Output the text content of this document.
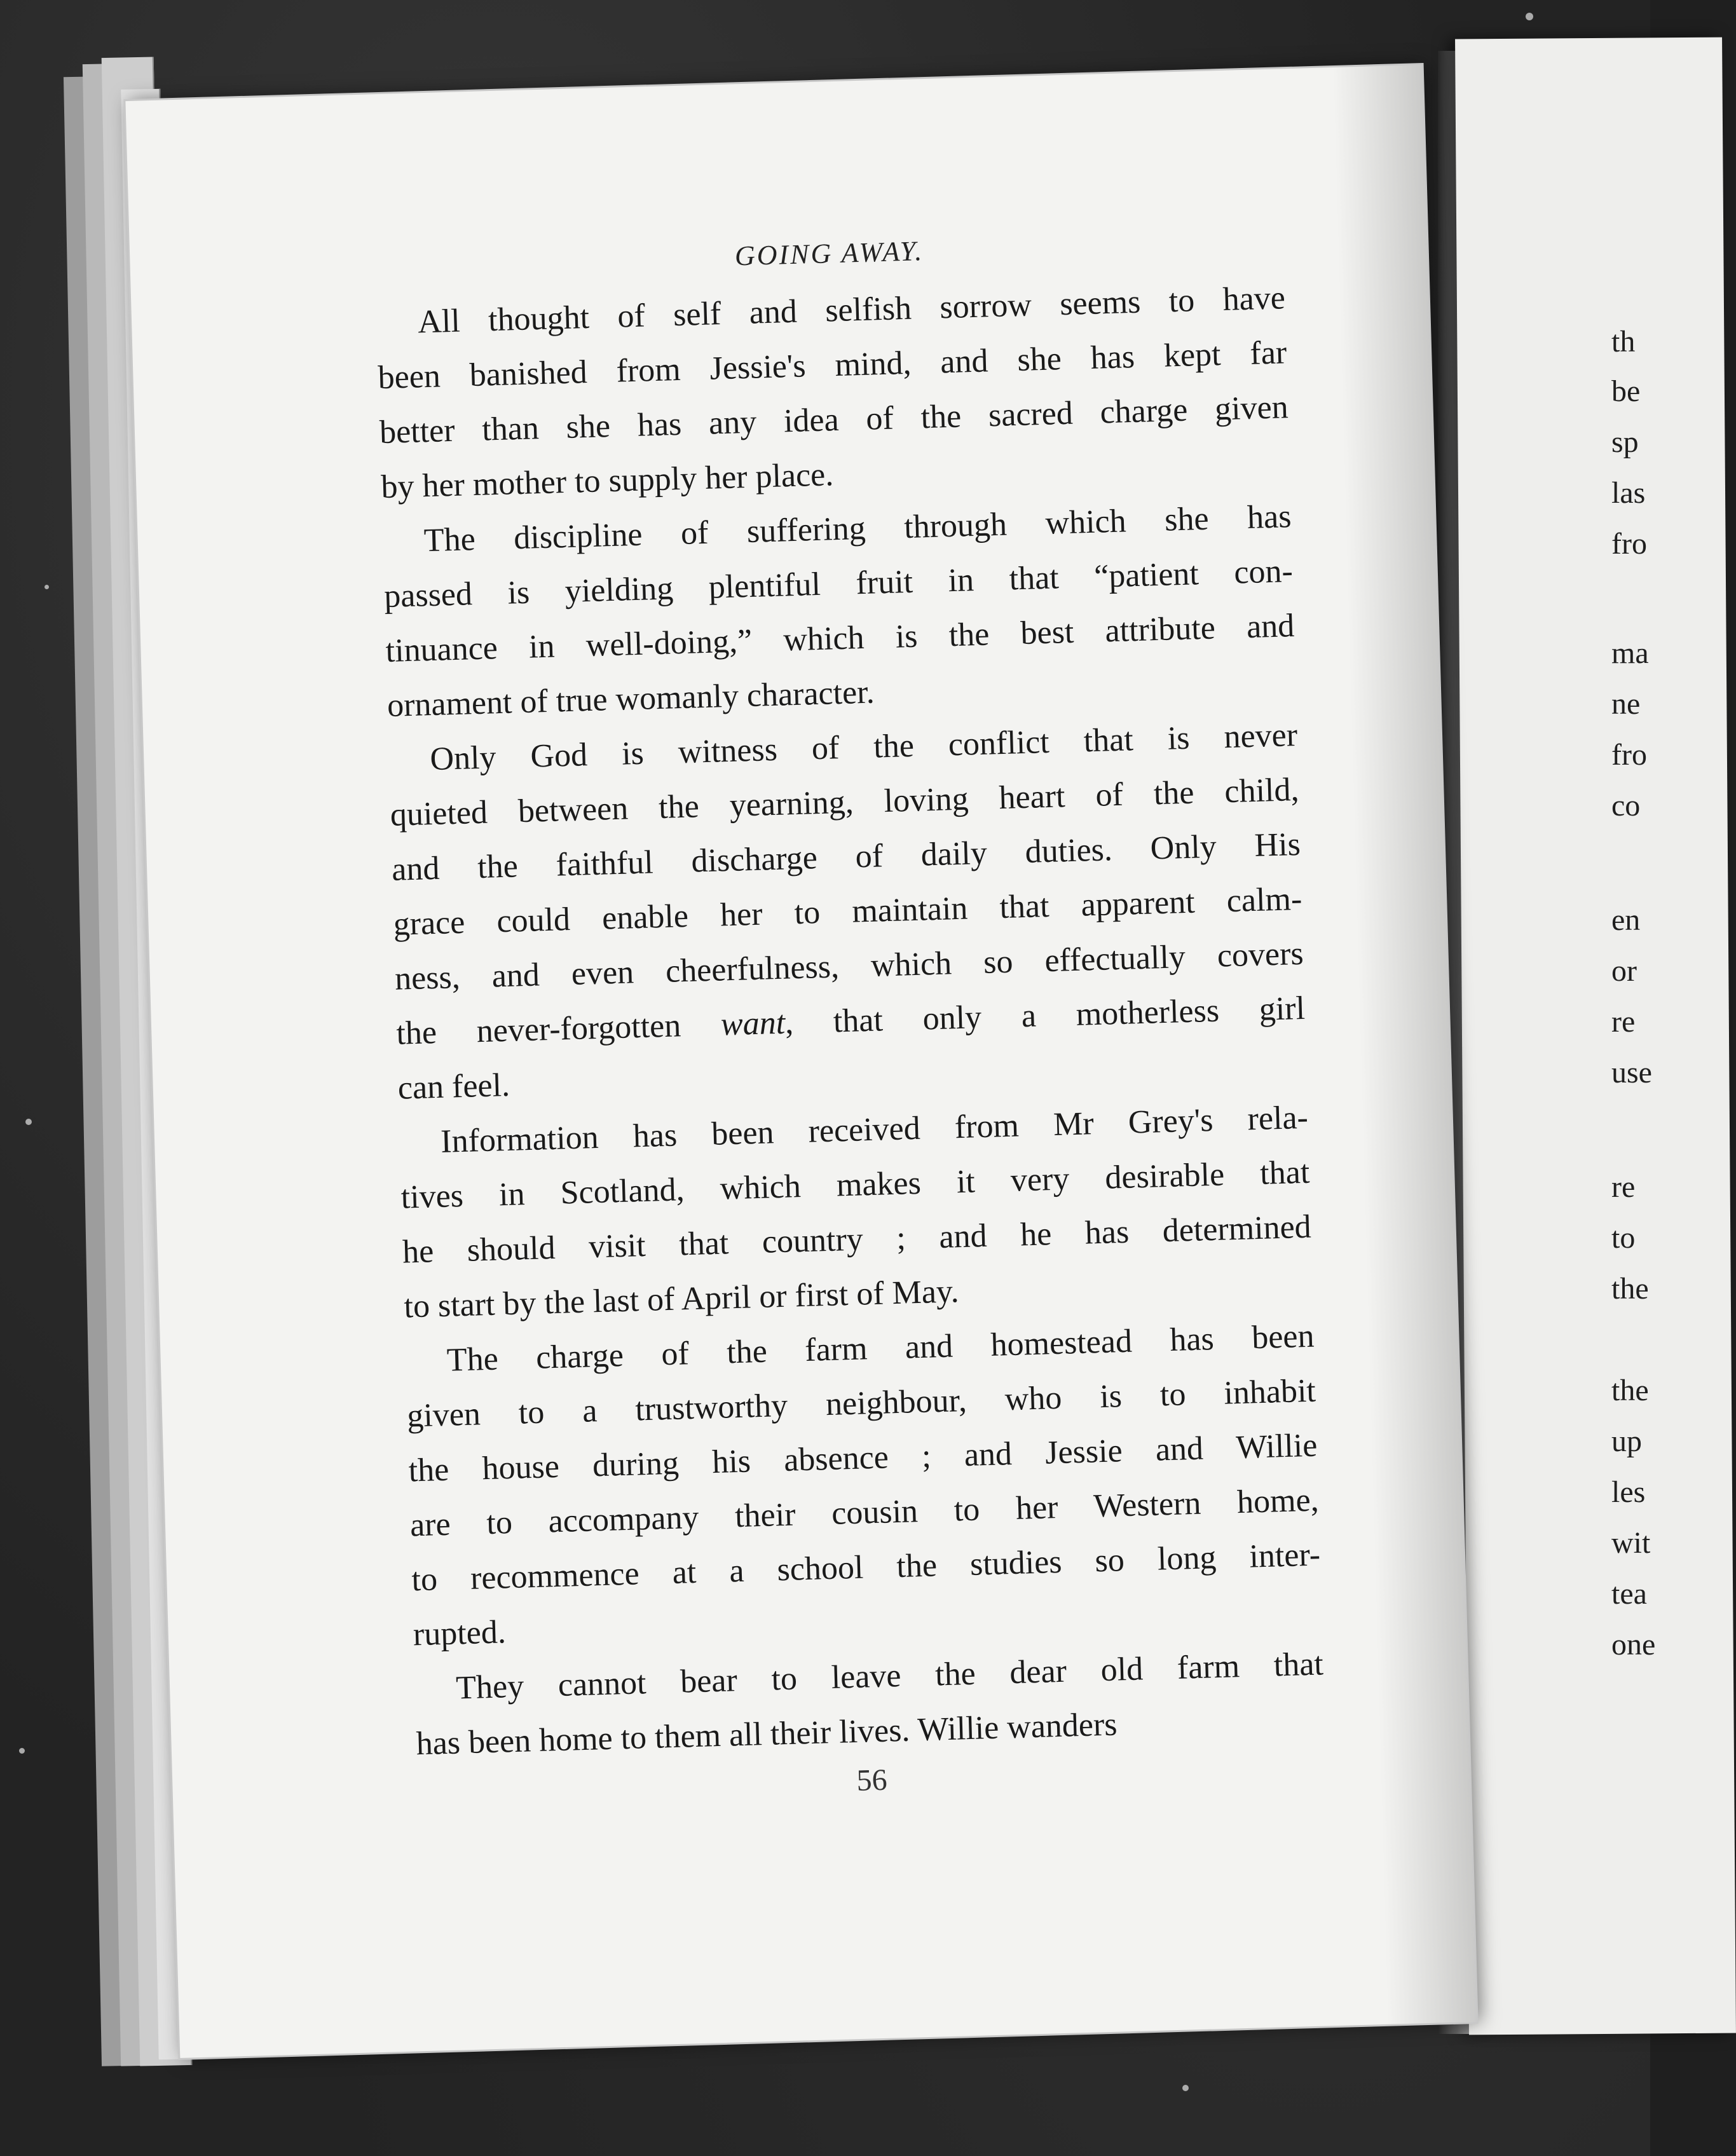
th
be
sp
las
fro
ma
ne
fro
co
en
or
re
use
re
to
the
the
up
les
wit
tea
one
GOING AWAY.
All thought of self and selfish sorrow seems to have
been banished from Jessie's mind, and she has kept far
better than she has any idea of the sacred charge given
by her mother to supply her place.
The discipline of suffering through which she has
passed is yielding plentiful fruit in that “patient con-
tinuance in well-doing,” which is the best attribute and
ornament of true womanly character.
Only God is witness of the conflict that is never
quieted between the yearning, loving heart of the child,
and the faithful discharge of daily duties. Only His
grace could enable her to maintain that apparent calm-
ness, and even cheerfulness, which so effectually covers
the never-forgotten want, that only a motherless girl
can feel.
Information has been received from Mr Grey's rela-
tives in Scotland, which makes it very desirable that
he should visit that country ; and he has determined
to start by the last of April or first of May.
The charge of the farm and homestead has been
given to a trustworthy neighbour, who is to inhabit
the house during his absence ; and Jessie and Willie
are to accompany their cousin to her Western home,
to recommence at a school the studies so long inter-
rupted.
They cannot bear to leave the dear old farm that
has been home to them all their lives. Willie wanders
56
